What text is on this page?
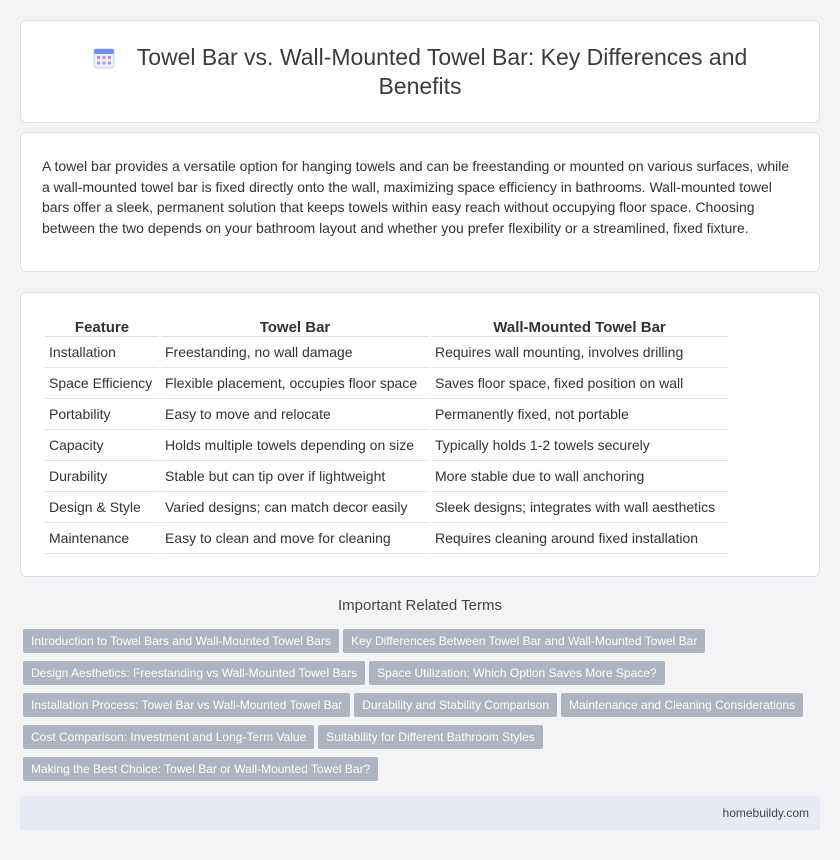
Towel Bar vs. Wall-Mounted Towel Bar: Key Differences and Benefits

A towel bar provides a versatile option for hanging towels and can be freestanding or mounted on various surfaces, while a wall-mounted towel bar is fixed directly onto the wall, maximizing space efficiency in bathrooms. Wall-mounted towel bars offer a sleek, permanent solution that keeps towels within easy reach without occupying floor space. Choosing between the two depends on your bathroom layout and whether you prefer flexibility or a streamlined, fixed fixture.

Feature	Towel Bar	Wall-Mounted Towel Bar
Installation	Freestanding, no wall damage	Requires wall mounting, involves drilling
Space Efficiency	Flexible placement, occupies floor space	Saves floor space, fixed position on wall
Portability	Easy to move and relocate	Permanently fixed, not portable
Capacity	Holds multiple towels depending on size	Typically holds 1-2 towels securely
Durability	Stable but can tip over if lightweight	More stable due to wall anchoring
Design & Style	Varied designs; can match decor easily	Sleek designs; integrates with wall aesthetics
Maintenance	Easy to clean and move for cleaning	Requires cleaning around fixed installation
Important Related Terms
Introduction to Towel Bars and Wall-Mounted Towel Bars Key Differences Between Towel Bar and Wall-Mounted Towel Bar
Design Aesthetics: Freestanding vs Wall-Mounted Towel Bars Space Utilization: Which Option Saves More Space?
Installation Process: Towel Bar vs Wall-Mounted Towel Bar Durability and Stability Comparison Maintenance and Cleaning Considerations
Cost Comparison: Investment and Long-Term Value Suitability for Different Bathroom Styles
Making the Best Choice: Towel Bar or Wall-Mounted Towel Bar?
homebuildy.com
